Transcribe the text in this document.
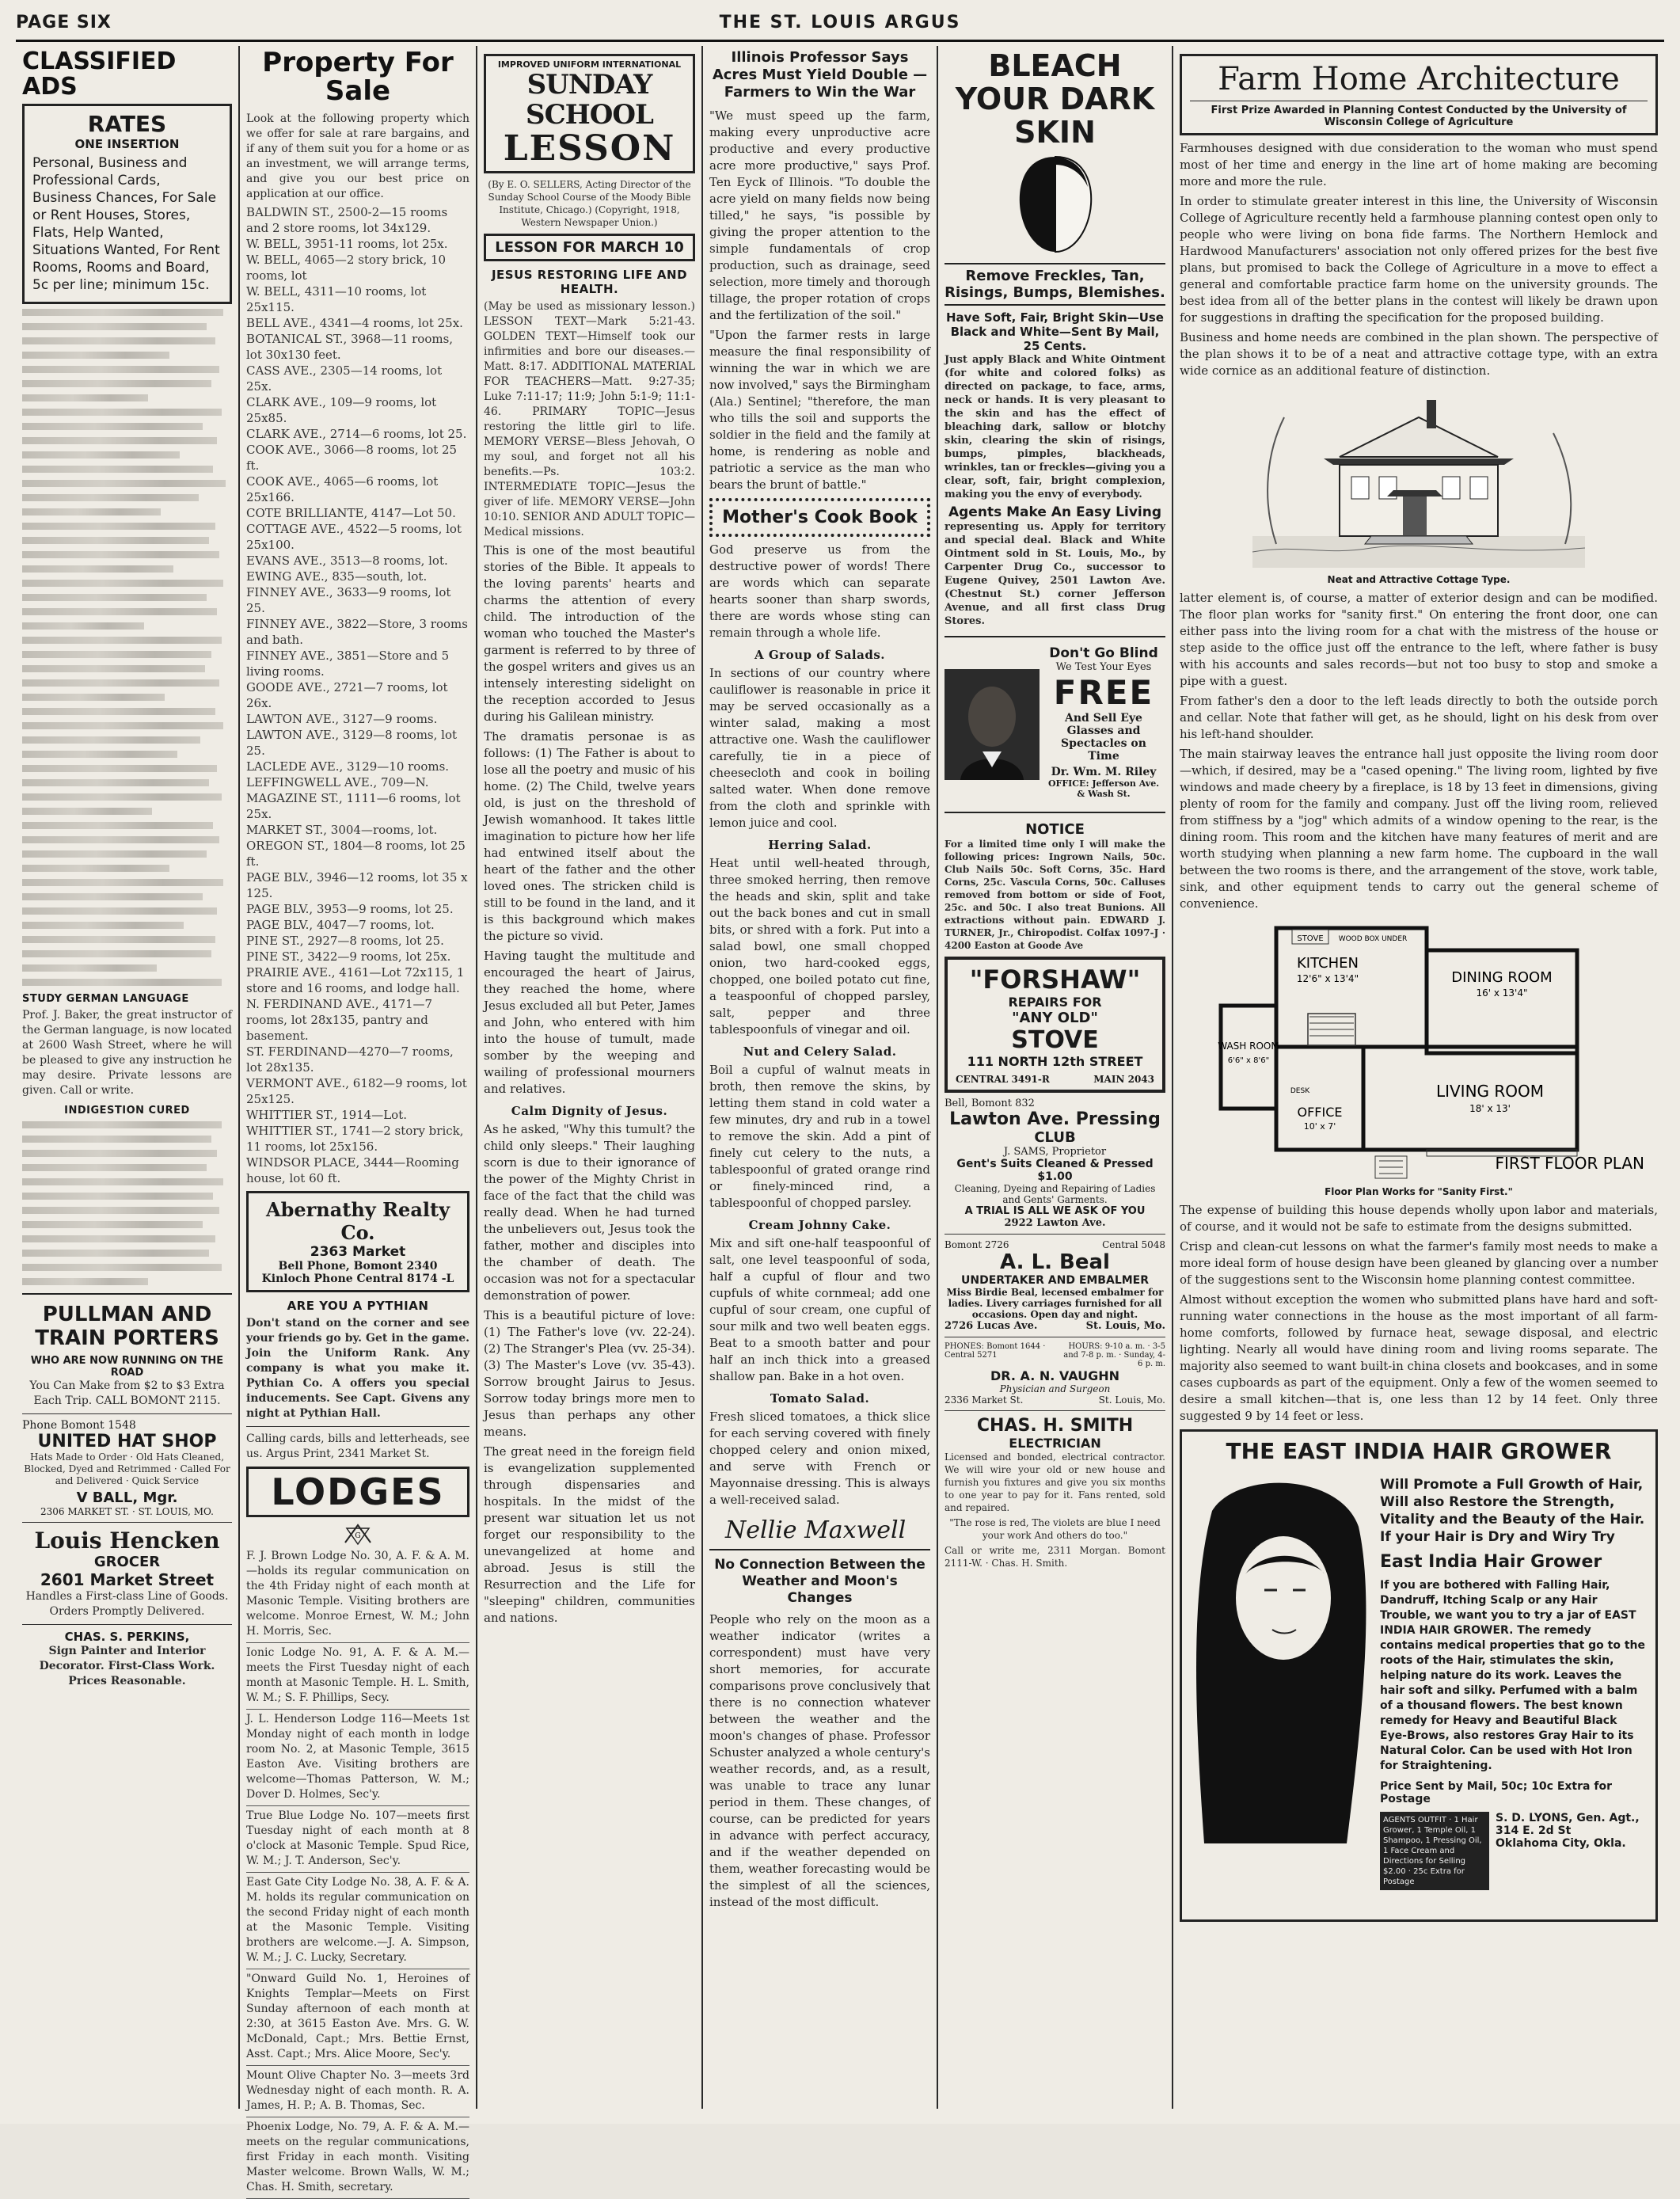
PAGE SIX	THE ST. LOUIS ARGUS
CLASSIFIED ADS
RATES
ONE INSERTION

Personal, Business and Professional Cards, Business Chances, For Sale or Rent Houses, Stores, Flats, Help Wanted, Situations Wanted, For Rent Rooms, Rooms and Board, 5c per line; minimum 15c.

STUDY GERMAN LANGUAGE

Prof. J. Baker, the great instructor of the German language, is now located at 2600 Wash Street, where he will be pleased to give any instruction he may desire. Private lessons are given. Call or write.

INDIGESTION CURED
PULLMAN AND TRAIN PORTERS
WHO ARE NOW RUNNING ON THE ROAD

You Can Make from $2 to $3 Extra Each Trip. CALL BOMONT 2115.

Phone Bomont 1548
UNITED HAT SHOP

Hats Made to Order · Old Hats Cleaned, Blocked, Dyed and Retrimmed · Called For and Delivered · Quick Service

V BALL, Mgr.
2306 MARKET ST. · ST. LOUIS, MO.
Louis Hencken
GROCER
2601 Market Street

Handles a First-class Line of Goods. Orders Promptly Delivered.

CHAS. S. PERKINS,

Sign Painter and Interior Decorator. First-Class Work. Prices Reasonable.

Property For Sale

Look at the following property which we offer for sale at rare bargains, and if any of them suit you for a home or as an investment, we will arrange terms, and give you our best price on application at our office.

BALDWIN ST., 2500-2—15 rooms and 2 store rooms, lot 34x129.
W. BELL, 3951-11 rooms, lot 25x.
W. BELL, 4065—2 story brick, 10 rooms, lot
W. BELL, 4311—10 rooms, lot 25x115.
BELL AVE., 4341—4 rooms, lot 25x.
BOTANICAL ST., 3968—11 rooms, lot 30x130 feet.
CASS AVE., 2305—14 rooms, lot 25x.
CLARK AVE., 109—9 rooms, lot 25x85.
CLARK AVE., 2714—6 rooms, lot 25.
COOK AVE., 3066—8 rooms, lot 25 ft.
COOK AVE., 4065—6 rooms, lot 25x166.
COTE BRILLIANTE, 4147—Lot 50.
COTTAGE AVE., 4522—5 rooms, lot 25x100.
EVANS AVE., 3513—8 rooms, lot.
EWING AVE., 835—south, lot.
FINNEY AVE., 3633—9 rooms, lot 25.
FINNEY AVE., 3822—Store, 3 rooms and bath.
FINNEY AVE., 3851—Store and 5 living rooms.
GOODE AVE., 2721—7 rooms, lot 26x.
LAWTON AVE., 3127—9 rooms.
LAWTON AVE., 3129—8 rooms, lot 25.
LACLEDE AVE., 3129—10 rooms.
LEFFINGWELL AVE., 709—N.
MAGAZINE ST., 1111—6 rooms, lot 25x.
MARKET ST., 3004—rooms, lot.
OREGON ST., 1804—8 rooms, lot 25 ft.
PAGE BLV., 3946—12 rooms, lot 35 x 125.
PAGE BLV., 3953—9 rooms, lot 25.
PAGE BLV., 4047—7 rooms, lot.
PINE ST., 2927—8 rooms, lot 25.
PINE ST., 3422—9 rooms, lot 25x.
PRAIRIE AVE., 4161—Lot 72x115, 1 store and 16 rooms, and lodge hall.
N. FERDINAND AVE., 4171—7 rooms, lot 28x135, pantry and basement.
ST. FERDINAND—4270—7 rooms, lot 28x135.
VERMONT AVE., 6182—9 rooms, lot 25x125.
WHITTIER ST., 1914—Lot.
WHITTIER ST., 1741—2 story brick, 11 rooms, lot 25x156.
WINDSOR PLACE, 3444—Rooming house, lot 60 ft.
Abernathy Realty Co.
2363 Market
Bell Phone, Bomont 2340
Kinloch Phone Central 8174 -L
ARE YOU A PYTHIAN

Don't stand on the corner and see your friends go by. Get in the game. Join the Uniform Rank. Any company is what you make it. Pythian Co. A offers you special inducements. See Capt. Givens any night at Pythian Hall.

Calling cards, bills and letterheads, see us. Argus Print, 2341 Market St.

LODGES
G

F. J. Brown Lodge No. 30, A. F. & A. M.—holds its regular communication on the 4th Friday night of each month at Masonic Temple. Visiting brothers are welcome. Monroe Ernest, W. M.; John H. Morris, Sec.

Ionic Lodge No. 91, A. F. & A. M.—meets the First Tuesday night of each month at Masonic Temple. H. L. Smith, W. M.; S. F. Phillips, Secy.

J. L. Henderson Lodge 116—Meets 1st Monday night of each month in lodge room No. 2, at Masonic Temple, 3615 Easton Ave. Visiting brothers are welcome—Thomas Patterson, W. M.; Dover D. Holmes, Sec'y.

True Blue Lodge No. 107—meets first Tuesday night of each month at 8 o'clock at Masonic Temple. Spud Rice, W. M.; J. T. Anderson, Sec'y.

East Gate City Lodge No. 38, A. F. & A. M. holds its regular communication on the second Friday night of each month at the Masonic Temple. Visiting brothers are welcome.—J. A. Simpson, W. M.; J. C. Lucky, Secretary.

"Onward Guild No. 1, Heroines of Knights Templar—Meets on First Sunday afternoon of each month at 2:30, at 3615 Easton Ave. Mrs. G. W. McDonald, Capt.; Mrs. Bettie Ernst, Asst. Capt.; Mrs. Alice Moore, Sec'y.

Mount Olive Chapter No. 3—meets 3rd Wednesday night of each month. R. A. James, H. P.; A. B. Thomas, Sec.

Phoenix Lodge, No. 79, A. F. & A. M.—meets on the regular communications, first Friday in each month. Visiting Master welcome. Brown Walls, W. M.; Chas. H. Smith, secretary.

IMPROVED UNIFORM INTERNATIONAL
SUNDAY SCHOOL
LESSON

(By E. O. SELLERS, Acting Director of the Sunday School Course of the Moody Bible Institute, Chicago.) (Copyright, 1918, Western Newspaper Union.)

LESSON FOR MARCH 10
JESUS RESTORING LIFE AND HEALTH.

(May be used as missionary lesson.) LESSON TEXT—Mark 5:21-43. GOLDEN TEXT—Himself took our infirmities and bore our diseases.—Matt. 8:17. ADDITIONAL MATERIAL FOR TEACHERS—Matt. 9:27-35; Luke 7:11-17; 11:9; John 5:1-9; 11:1-46. PRIMARY TOPIC—Jesus restoring the little girl to life. MEMORY VERSE—Bless Jehovah, O my soul, and forget not all his benefits.—Ps. 103:2. INTERMEDIATE TOPIC—Jesus the giver of life. MEMORY VERSE—John 10:10. SENIOR AND ADULT TOPIC—Medical missions.

This is one of the most beautiful stories of the Bible. It appeals to the loving parents' hearts and charms the attention of every child. The introduction of the woman who touched the Master's garment is referred to by three of the gospel writers and gives us an intensely interesting sidelight on the reception accorded to Jesus during his Galilean ministry.

The dramatis personae is as follows: (1) The Father is about to lose all the poetry and music of his home. (2) The Child, twelve years old, is just on the threshold of Jewish womanhood. It takes little imagination to picture how her life had entwined itself about the heart of the father and the other loved ones. The stricken child is still to be found in the land, and it is this background which makes the picture so vivid.

Having taught the multitude and encouraged the heart of Jairus, they reached the home, where Jesus excluded all but Peter, James and John, who entered with him into the house of tumult, made somber by the weeping and wailing of professional mourners and relatives.

Calm Dignity of Jesus.

As he asked, "Why this tumult? the child only sleeps." Their laughing scorn is due to their ignorance of the power of the Mighty Christ in face of the fact that the child was really dead. When he had turned the unbelievers out, Jesus took the father, mother and disciples into the chamber of death. The occasion was not for a spectacular demonstration of power.

This is a beautiful picture of love: (1) The Father's love (vv. 22-24). (2) The Stranger's Plea (vv. 25-34). (3) The Master's Love (vv. 35-43). Sorrow brought Jairus to Jesus. Sorrow today brings more men to Jesus than perhaps any other means.

The great need in the foreign field is evangelization supplemented through dispensaries and hospitals. In the midst of the present war situation let us not forget our responsibility to the unevangelized at home and abroad. Jesus is still the Resurrection and the Life for "sleeping" children, communities and nations.

Illinois Professor Says Acres Must Yield Double —Farmers to Win the War

"We must speed up the farm, making every unproductive acre productive and every productive acre more productive," says Prof. Ten Eyck of Illinois. "To double the acre yield on many fields now being tilled," he says, "is possible by giving the proper attention to the simple fundamentals of crop production, such as drainage, seed selection, more timely and thorough tillage, the proper rotation of crops and the fertilization of the soil."

"Upon the farmer rests in large measure the final responsibility of winning the war in which we are now involved," says the Birmingham (Ala.) Sentinel; "therefore, the man who tills the soil and supports the soldier in the field and the family at home, is rendering as noble and patriotic a service as the man who bears the brunt of battle."

Mother's Cook Book

God preserve us from the destructive power of words! There are words which can separate hearts sooner than sharp swords, there are words whose sting can remain through a whole life.

A Group of Salads.

In sections of our country where cauliflower is reasonable in price it may be served occasionally as a winter salad, making a most attractive one. Wash the cauliflower carefully, tie in a piece of cheesecloth and cook in boiling salted water. When done remove from the cloth and sprinkle with lemon juice and cool.

Herring Salad.

Heat until well-heated through, three smoked herring, then remove the heads and skin, split and take out the back bones and cut in small bits, or shred with a fork. Put into a salad bowl, one small chopped onion, two hard-cooked eggs, chopped, one boiled potato cut fine, a teaspoonful of chopped parsley, salt, pepper and three tablespoonfuls of vinegar and oil.

Nut and Celery Salad.

Boil a cupful of walnut meats in broth, then remove the skins, by letting them stand in cold water a few minutes, dry and rub in a towel to remove the skin. Add a pint of finely cut celery to the nuts, a tablespoonful of grated orange rind or finely-minced rind, a tablespoonful of chopped parsley.

Cream Johnny Cake.

Mix and sift one-half teaspoonful of salt, one level teaspoonful of soda, half a cupful of flour and two cupfuls of white cornmeal; add one cupful of sour cream, one cupful of sour milk and two well beaten eggs. Beat to a smooth batter and pour half an inch thick into a greased shallow pan. Bake in a hot oven.

Tomato Salad.

Fresh sliced tomatoes, a thick slice for each serving covered with finely chopped celery and onion mixed, and serve with French or Mayonnaise dressing. This is always a well-received salad.

Nellie Maxwell
No Connection Between the Weather and Moon's Changes

People who rely on the moon as a weather indicator (writes a correspondent) must have very short memories, for accurate comparisons prove conclusively that there is no connection whatever between the weather and the moon's changes of phase. Professor Schuster analyzed a whole century's weather records, and, as a result, was unable to trace any lunar period in them. These changes, of course, can be predicted for years in advance with perfect accuracy, and if the weather depended on them, weather forecasting would be the simplest of all the sciences, instead of the most difficult.

BLEACH YOUR DARK SKIN
Remove Freckles, Tan, Risings, Bumps, Blemishes.
Have Soft, Fair, Bright Skin—Use Black and White—Sent By Mail, 25 Cents.

Just apply Black and White Ointment (for white and colored folks) as directed on package, to face, arms, neck or hands. It is very pleasant to the skin and has the effect of bleaching dark, sallow or blotchy skin, clearing the skin of risings, bumps, pimples, blackheads, wrinkles, tan or freckles—giving you a clear, soft, fair, bright complexion, making you the envy of everybody.

Agents Make An Easy Living

representing us. Apply for territory and special deal. Black and White Ointment sold in St. Louis, Mo., by Carpenter Drug Co., successor to Eugene Quivey, 2501 Lawton Ave. (Chestnut St.) corner Jefferson Avenue, and all first class Drug Stores.

Don't Go Blind
We Test Your Eyes
FREE
And Sell Eye Glasses and Spectacles on Time
Dr. Wm. M. Riley
OFFICE: Jefferson Ave. & Wash St.
NOTICE

For a limited time only I will make the following prices: Ingrown Nails, 50c. Club Nails 50c. Soft Corns, 35c. Hard Corns, 25c. Vascula Corns, 50c. Calluses removed from bottom or side of Foot, 25c. and 50c. I also treat Bunions. All extractions without pain. EDWARD J. TURNER, Jr., Chiropodist. Colfax 1097-J · 4200 Easton at Goode Ave

"FORSHAW"
REPAIRS FOR
"ANY OLD"
STOVE
111 NORTH 12th STREET
CENTRAL 3491-R	MAIN 2043
Bell, Bomont 832
Lawton Ave. Pressing
CLUB
J. SAMS, Proprietor
Gent's Suits Cleaned & Pressed $1.00
Cleaning, Dyeing and Repairing of Ladies and Gents' Garments.
A TRIAL IS ALL WE ASK OF YOU
2922 Lawton Ave.
Bomont 2726	Central 5048
A. L. Beal
UNDERTAKER AND EMBALMER
Miss Birdie Beal, lecensed embalmer for ladies. Livery carriages furnished for all occasions. Open day and night.
2726 Lucas Ave.	St. Louis, Mo.
PHONES: Bomont 1644 · Central 5271
HOURS: 9-10 a. m. · 3-5 and 7-8 p. m. · Sunday, 4-6 p. m.
DR. A. N. VAUGHN
Physician and Surgeon
2336 Market St.	St. Louis, Mo.
CHAS. H. SMITH
ELECTRICIAN

Licensed and bonded, electrical contractor. We will wire your old or new house and furnish you fixtures and give you six months to one year to pay for it. Fans rented, sold and repaired.

"The rose is red, The violets are blue I need your work And others do too."

Call or write me, 2311 Morgan. Bomont 2111-W. · Chas. H. Smith.

Farm Home Architecture
First Prize Awarded in Planning Contest Conducted by the University of Wisconsin College of Agriculture

Farmhouses designed with due consideration to the woman who must spend most of her time and energy in the line art of home making are becoming more and more the rule.

In order to stimulate greater interest in this line, the University of Wisconsin College of Agriculture recently held a farmhouse planning contest open only to people who were living on bona fide farms. The Northern Hemlock and Hardwood Manufacturers' association not only offered prizes for the best five plans, but promised to back the College of Agriculture in a move to effect a general and comfortable practice farm home on the university grounds. The best idea from all of the better plans in the contest will likely be drawn upon for suggestions in drafting the specification for the proposed building.

Business and home needs are combined in the plan shown. The perspective of the plan shows it to be of a neat and attractive cottage type, with an extra wide cornice as an additional feature of distinction.

Neat and Attractive Cottage Type.

latter element is, of course, a matter of exterior design and can be modified. The floor plan works for "sanity first." On entering the front door, one can either pass into the living room for a chat with the mistress of the house or step aside to the office just off the entrance to the left, where father is busy with his accounts and sales records—but not too busy to stop and smoke a pipe with a guest.

From father's den a door to the left leads directly to both the outside porch and cellar. Note that father will get, as he should, light on his desk from over his left-hand shoulder.

The main stairway leaves the entrance hall just opposite the living room door—which, if desired, may be a "cased opening." The living room, lighted by five windows and made cheery by a fireplace, is 18 by 13 feet in dimensions, giving plenty of room for the family and company. Just off the living room, relieved from stiffness by a "jog" which admits of a window opening to the rear, is the dining room. This room and the kitchen have many features of merit and are worth studying when planning a new farm home. The cupboard in the wall between the two rooms is there, and the arrangement of the stove, work table, sink, and other equipment tends to carry out the general scheme of convenience.

STOVE WOOD BOX UNDER
KITCHEN
12'6" x 13'4"	DINING ROOM
16' x 13'4"
WASH ROOM
6'6" x 8'6"
LIVING ROOM
18' x 13'
OFFICE
10' x 7'
DESK
FIRST FLOOR PLAN
Floor Plan Works for "Sanity First."

The expense of building this house depends wholly upon labor and materials, of course, and it would not be safe to estimate from the designs submitted.

Crisp and clean-cut lessons on what the farmer's family most needs to make a more ideal form of house design have been gleaned by glancing over a number of the suggestions sent to the Wisconsin home planning contest committee.

Almost without exception the women who submitted plans have hard and soft-running water connections in the house as the most important of all farm-home comforts, followed by furnace heat, sewage disposal, and electric lighting. Nearly all would have dining room and living rooms separate. The majority also seemed to want built-in china closets and bookcases, and in some cases cupboards as part of the equipment. Only a few of the women seemed to desire a small kitchen—that is, one less than 12 by 14 feet. Only three suggested 9 by 14 feet or less.

THE EAST INDIA HAIR GROWER

Will Promote a Full Growth of Hair, Will also Restore the Strength, Vitality and the Beauty of the Hair. If your Hair is Dry and Wiry Try

East India Hair Grower

If you are bothered with Falling Hair, Dandruff, Itching Scalp or any Hair Trouble, we want you to try a jar of EAST INDIA HAIR GROWER. The remedy contains medical properties that go to the roots of the Hair, stimulates the skin, helping nature do its work. Leaves the hair soft and silky. Perfumed with a balm of a thousand flowers. The best known remedy for Heavy and Beautiful Black Eye-Brows, also restores Gray Hair to its Natural Color. Can be used with Hot Iron for Straightening.

Price Sent by Mail, 50c; 10c Extra for Postage
AGENTS OUTFIT · 1 Hair Grower, 1 Temple Oil, 1 Shampoo, 1 Pressing Oil, 1 Face Cream and Directions for Selling $2.00 · 25c Extra for Postage
S. D. LYONS, Gen. Agt., 314 E. 2d St
Oklahoma City, Okla.
